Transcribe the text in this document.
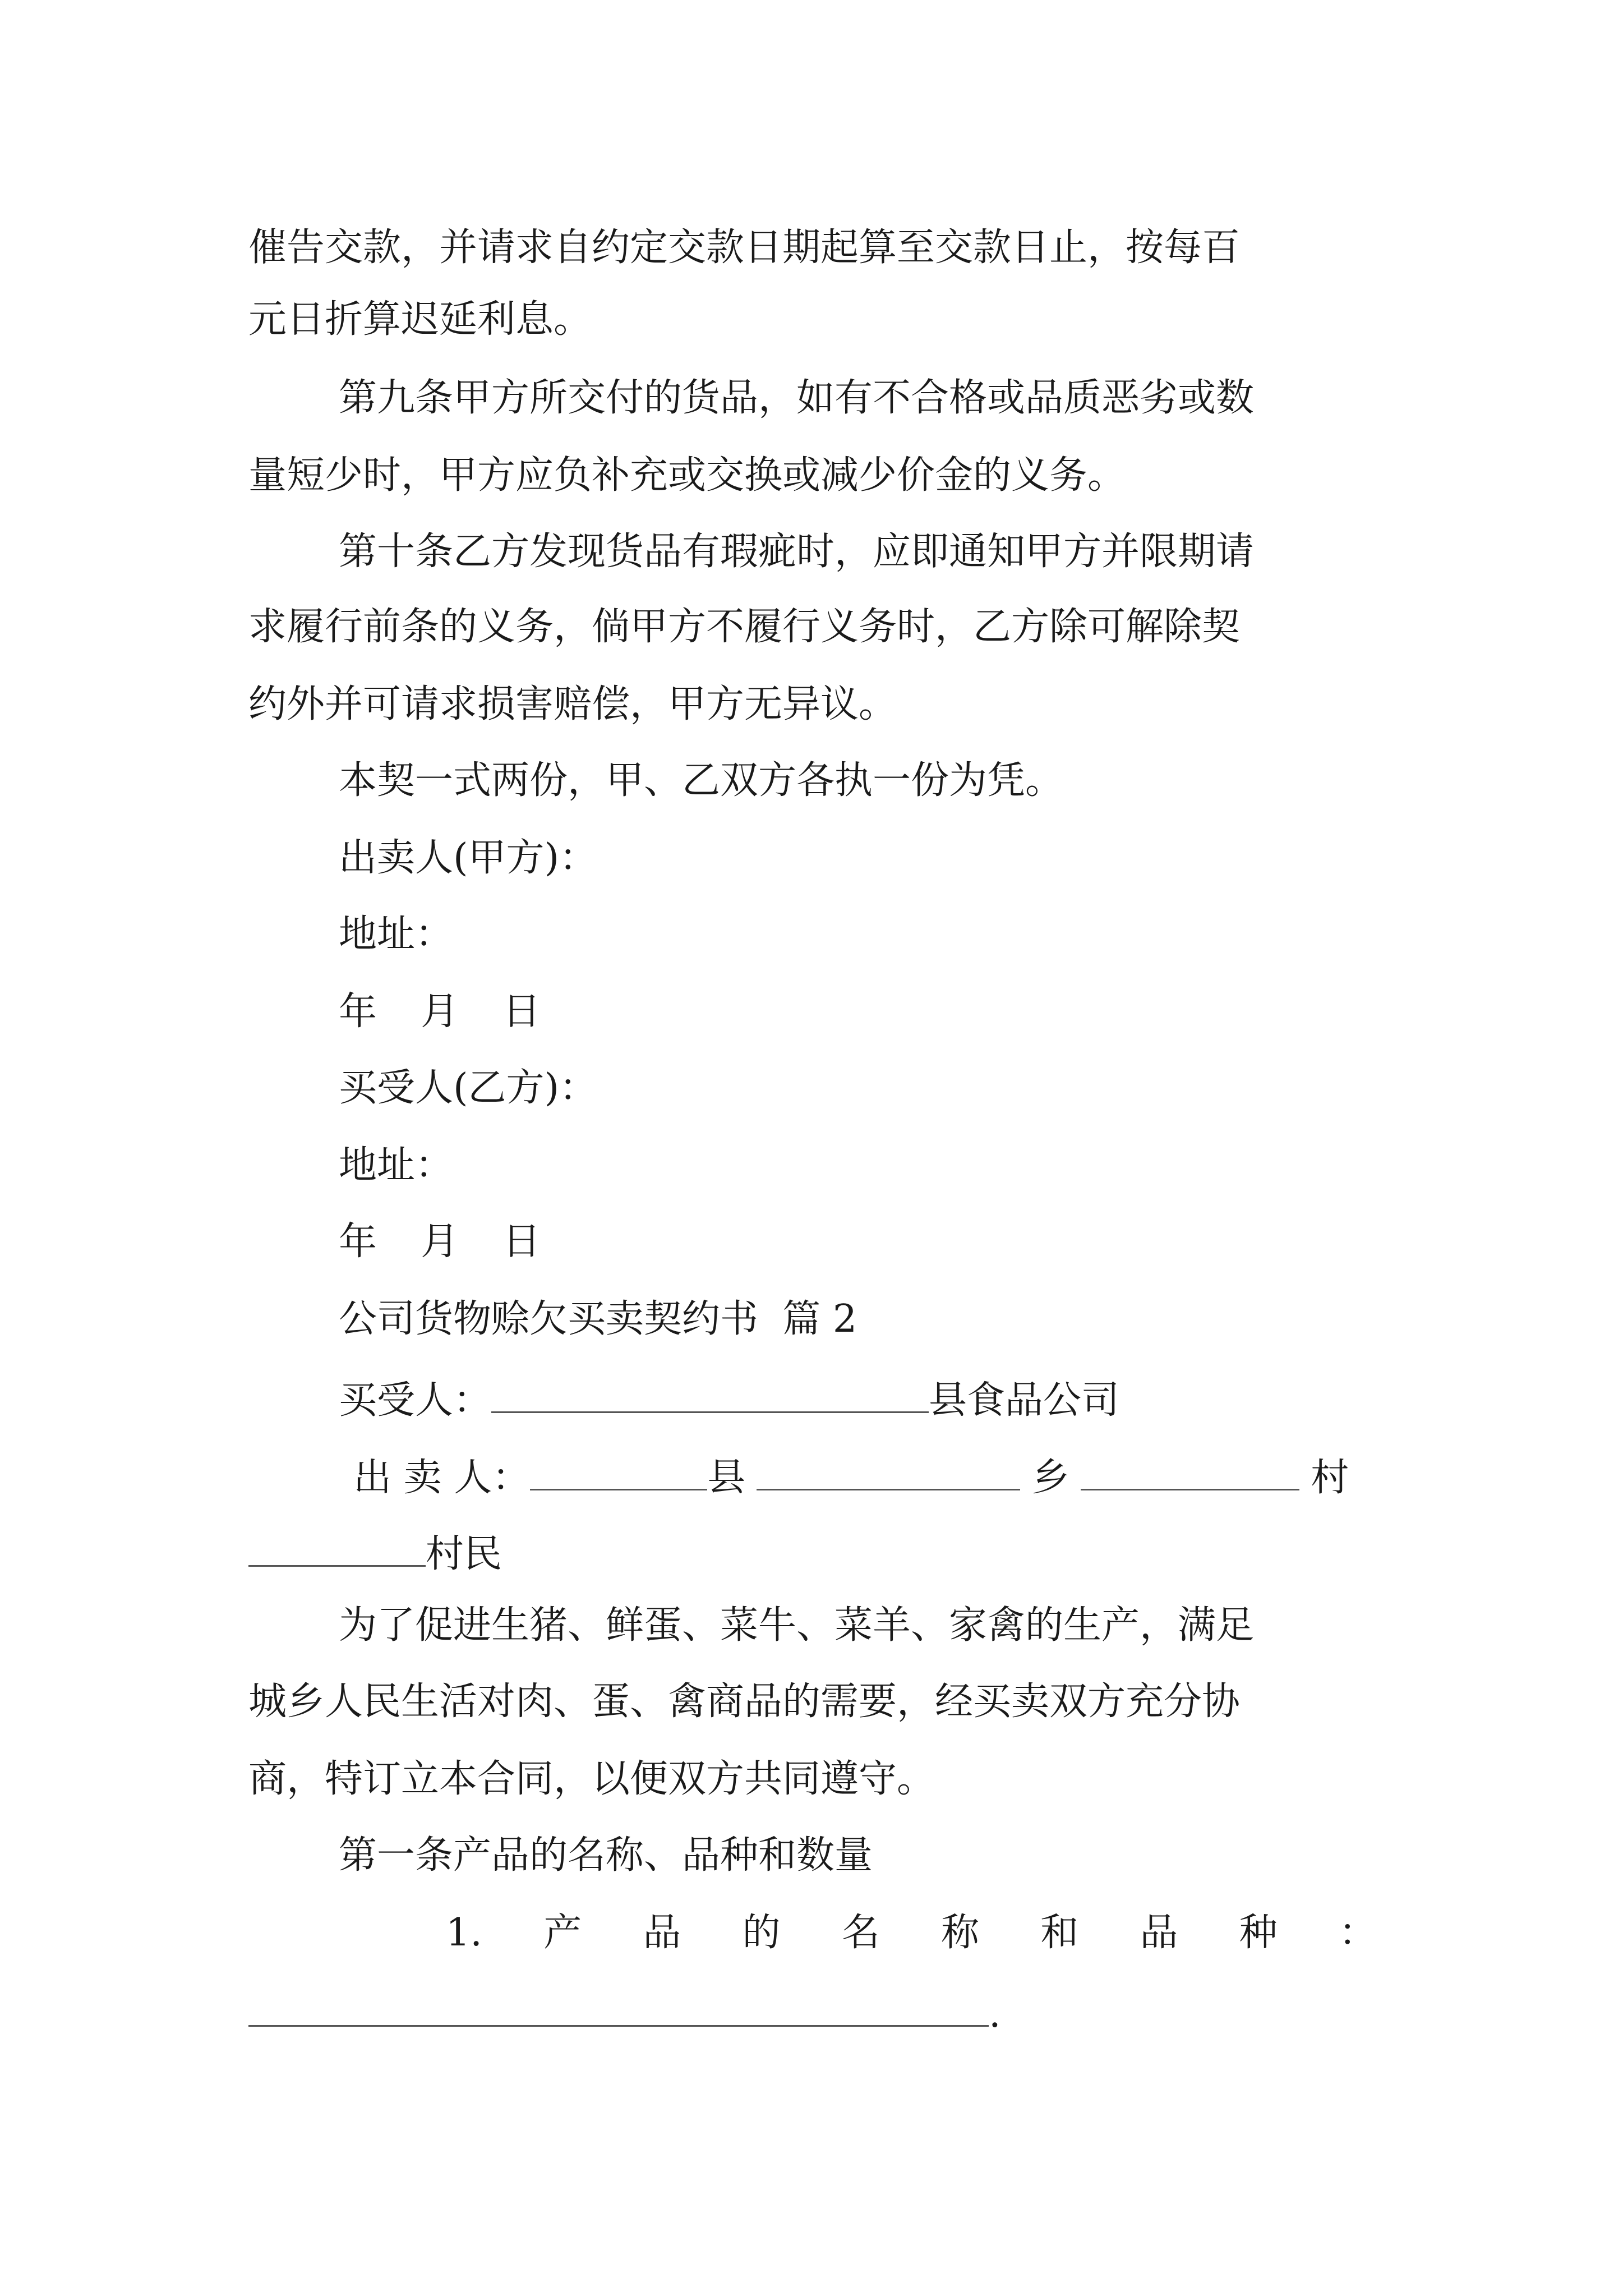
催告交款，并请求自约定交款日期起算至交款日止，按每百
元日折算迟延利息。
第九条甲方所交付的货品，如有不合格或品质恶劣或数
量短少时，甲方应负补充或交换或减少价金的义务。
第十条乙方发现货品有瑕疵时，应即通知甲方并限期请
求履行前条的义务，倘甲方不履行义务时，乙方除可解除契
约外并可请求损害赔偿，甲方无异议。
本契一式两份，甲、乙双方各执一份为凭。
出卖人(甲方)：
地址：
年 月 日
买受人(乙方)：
地址：
年 月 日
公司货物赊欠买卖契约书  篇 2
买受人：	县食品公司
出 卖 人：	县	乡	村
村民
为了促进生猪、鲜蛋、菜牛、菜羊、家禽的生产，满足
城乡人民生活对肉、蛋、禽商品的需要，经买卖双方充分协
商，特订立本合同，以便双方共同遵守。
第一条产品的名称、品种和数量
1. 产 品 的 名 称 和 品 种 ：
.
